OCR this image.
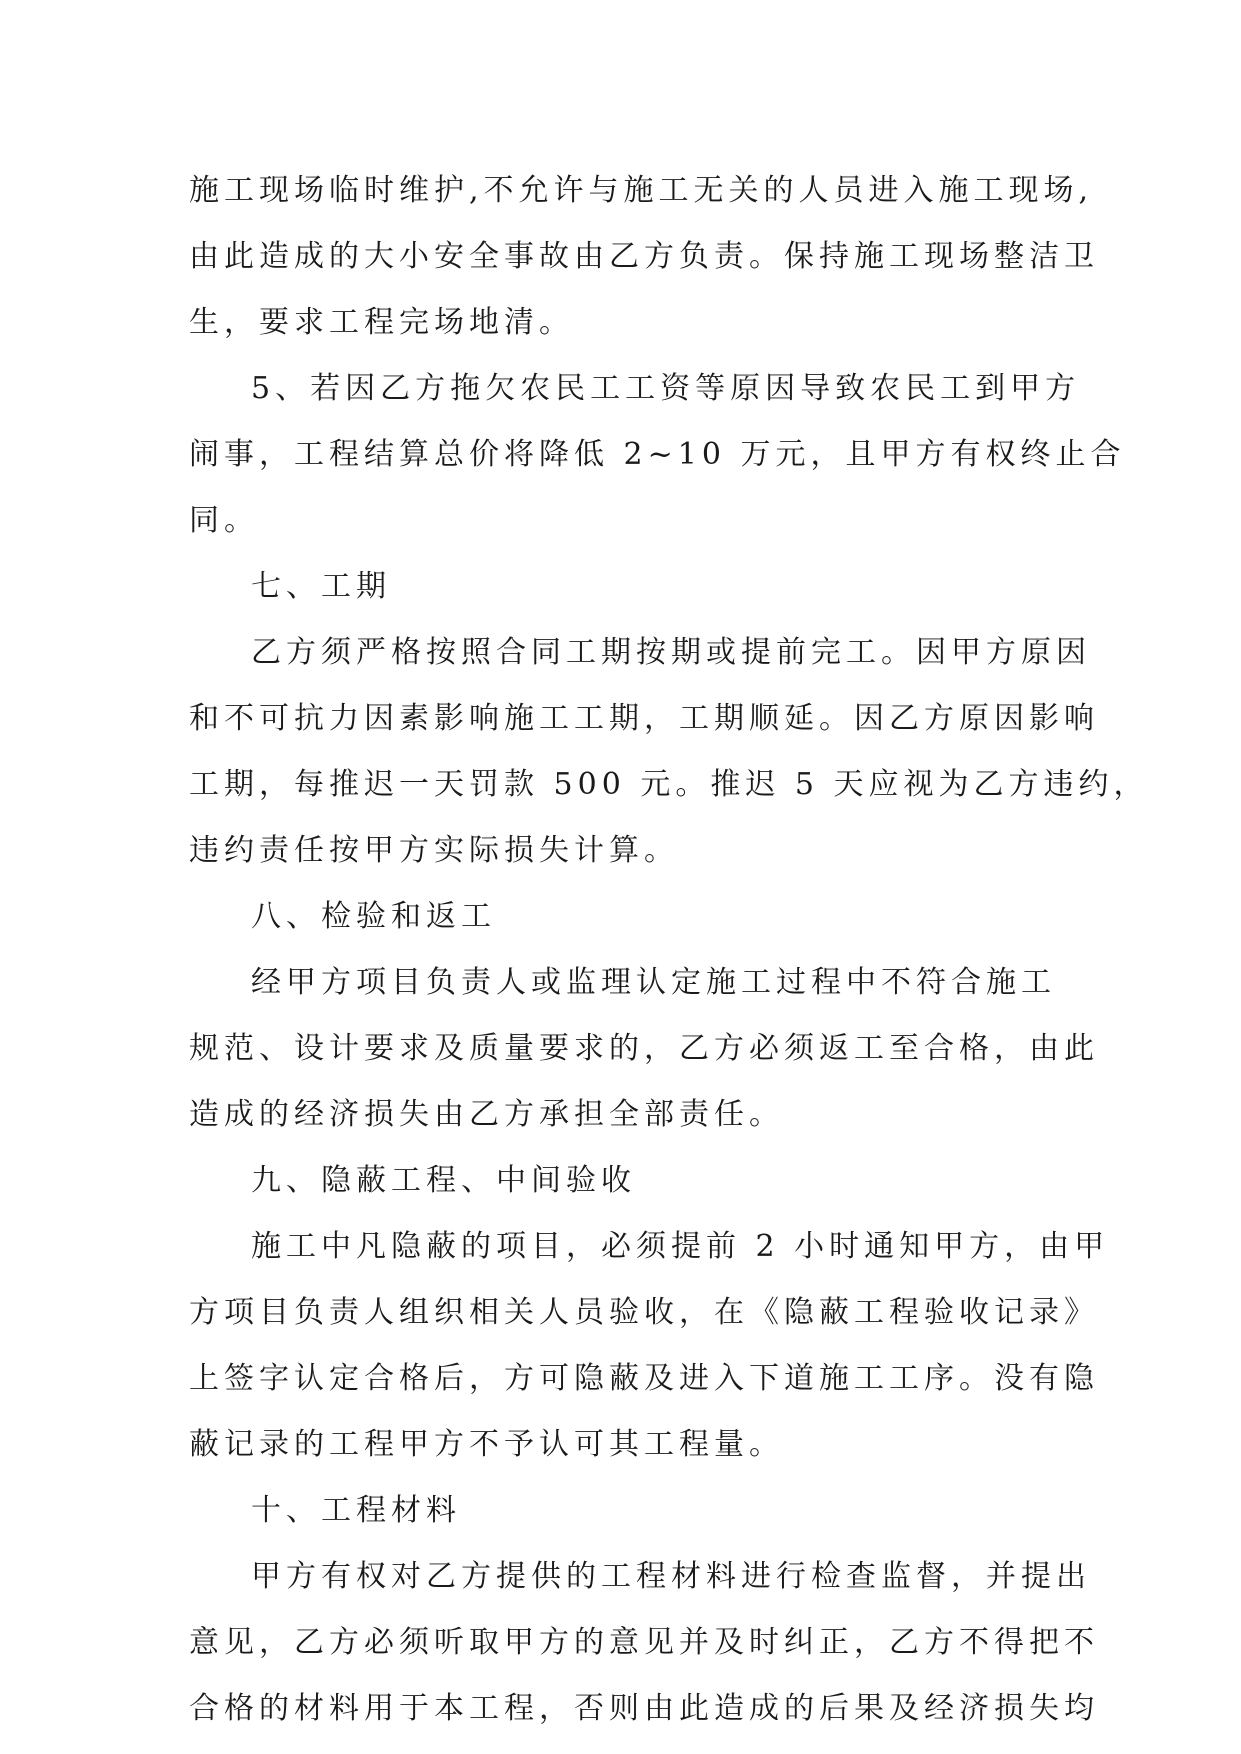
施工现场临时维护,不允许与施工无关的人员进入施工现场,
由此造成的大小安全事故由乙方负责。保持施工现场整洁卫
生，要求工程完场地清。
5、若因乙方拖欠农民工工资等原因导致农民工到甲方
闹事，工程结算总价将降低 2~10 万元，且甲方有权终止合
同。
七、工期
乙方须严格按照合同工期按期或提前完工。因甲方原因
和不可抗力因素影响施工工期，工期顺延。因乙方原因影响
工期，每推迟一天罚款 500 元。推迟 5 天应视为乙方违约，
违约责任按甲方实际损失计算。
八、检验和返工
经甲方项目负责人或监理认定施工过程中不符合施工
规范、设计要求及质量要求的，乙方必须返工至合格，由此
造成的经济损失由乙方承担全部责任。
九、隐蔽工程、中间验收
施工中凡隐蔽的项目，必须提前 2 小时通知甲方，由甲
方项目负责人组织相关人员验收，在《隐蔽工程验收记录》
上签字认定合格后，方可隐蔽及进入下道施工工序。没有隐
蔽记录的工程甲方不予认可其工程量。
十、工程材料
甲方有权对乙方提供的工程材料进行检查监督，并提出
意见，乙方必须听取甲方的意见并及时纠正，乙方不得把不
合格的材料用于本工程，否则由此造成的后果及经济损失均
